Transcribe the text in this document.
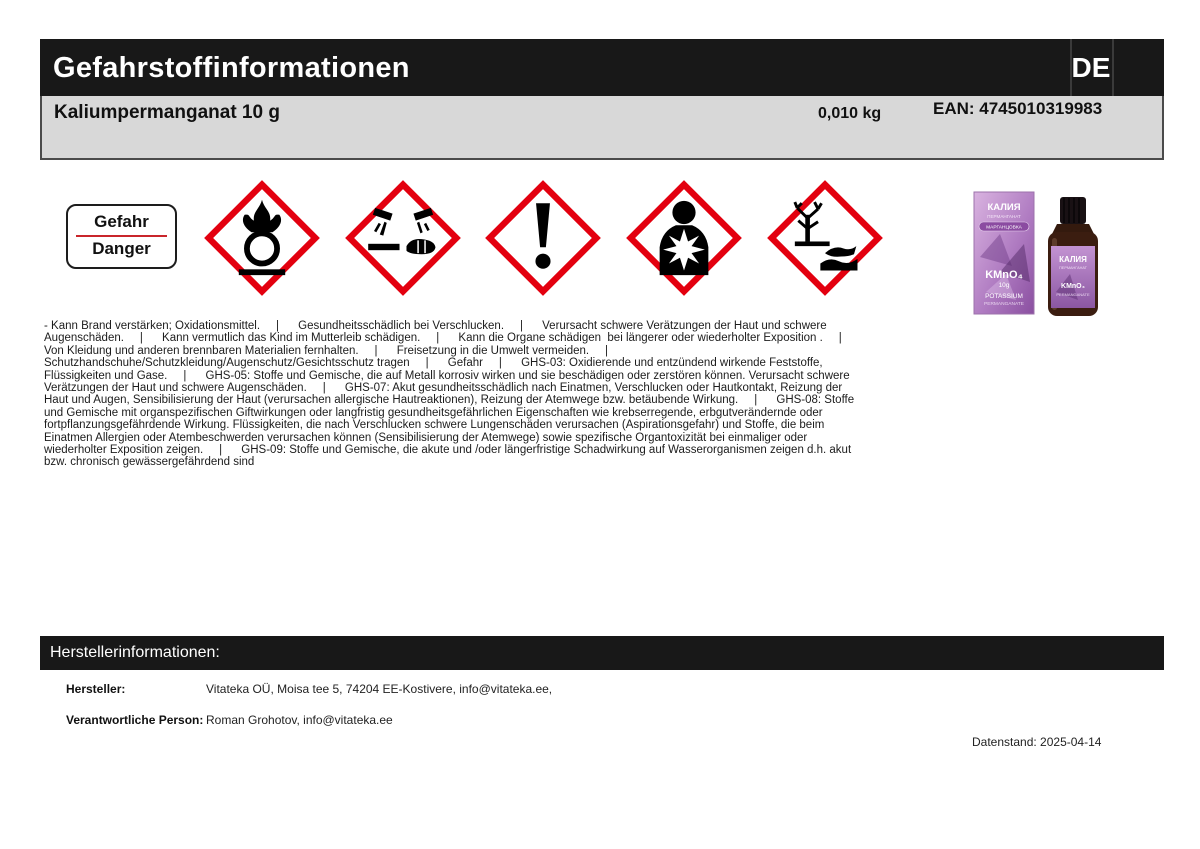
Gefahrstoffinformationen	DE
Kaliumpermanganat 10 g	0,010 kg	EAN: 4745010319983
Gefahr
Danger
КАЛИЯ
ПЕРМАНГАНАТ
МАРГАНЦОВКА
KMnO₄
10g
POTASSIUM
PERMANGANATE
КАЛИЯ
ПЕРМАНГАНАТ
KMnO₄
PERMANGANATE
- Kann Brand verstärken; Oxidationsmittel.     |      Gesundheitsschädlich bei Verschlucken.     |      Verursacht schwere Verätzungen der Haut und schwere Augenschäden.     |      Kann vermutlich das Kind im Mutterleib schädigen.     |      Kann die Organe schädigen  bei längerer oder wiederholter Exposition .     |      Von Kleidung und anderen brennbaren Materialien fernhalten.     |      Freisetzung in die Umwelt vermeiden.     |      Schutzhandschuhe/Schutzkleidung/Augenschutz/Gesichtsschutz tragen     |      Gefahr     |      GHS-03: Oxidierende und entzündend wirkende Feststoffe, Flüssigkeiten und Gase.     |      GHS-05: Stoffe und Gemische, die auf Metall korrosiv wirken und sie beschädigen oder zerstören können. Verursacht schwere Verätzungen der Haut und schwere Augenschäden.     |      GHS-07: Akut gesundheitsschädlich nach Einatmen, Verschlucken oder Hautkontakt, Reizung der Haut und Augen, Sensibilisierung der Haut (verursachen allergische Hautreaktionen), Reizung der Atemwege bzw. betäubende Wirkung.     |      GHS-08: Stoffe und Gemische mit organspezifischen Giftwirkungen oder langfristig gesundheitsgefährlichen Eigenschaften wie krebserregende, erbgutverändernde oder fortpflanzungsgefährdende Wirkung. Flüssigkeiten, die nach Verschlucken schwere Lungenschäden verursachen (Aspirationsgefahr) und Stoffe, die beim Einatmen Allergien oder Atembeschwerden verursachen können (Sensibilisierung der Atemwege) sowie spezifische Organtoxizität bei einmaliger oder wiederholter Exposition zeigen.     |      GHS-09: Stoffe und Gemische, die akute und /oder längerfristige Schadwirkung auf Wasserorganismen zeigen d.h. akut bzw. chronisch gewässergefährdend sind
Herstellerinformationen:
Hersteller:	Vitateka OÜ, Moisa tee 5, 74204 EE-Kostivere, info@vitateka.ee,
Verantwortliche Person: Roman Grohotov, info@vitateka.ee
Datenstand: 2025-04-14
